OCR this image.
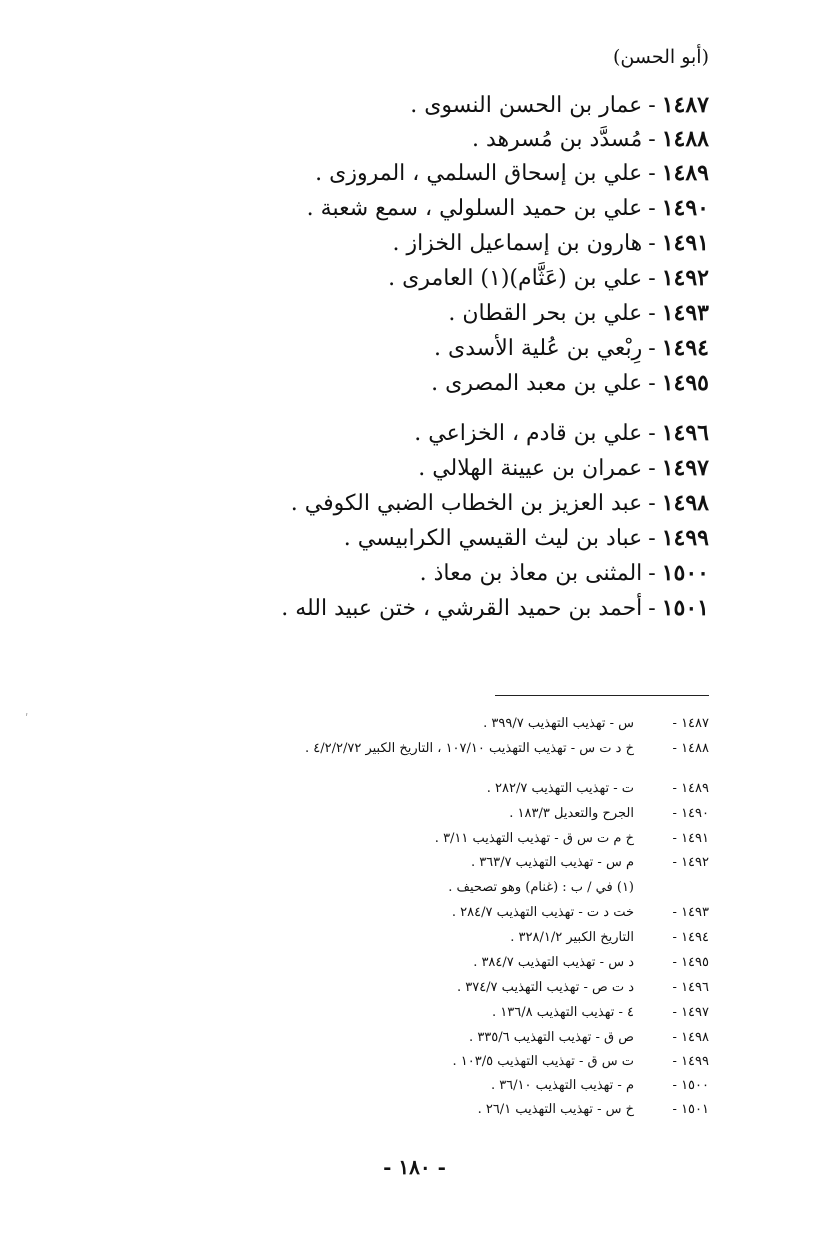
(أبو الحسن)
١٤٨٧-عمار بن الحسن النسوى .
١٤٨٨-مُسدَّد بن مُسرهد .
١٤٨٩-علي بن إسحاق السلمي ، المروزى .
١٤٩٠-علي بن حميد السلولي ، سمع شعبة .
١٤٩١-هارون بن إسماعيل الخزاز .
١٤٩٢-علي بن (عَثَّام)(١) العامرى .
١٤٩٣-علي بن بحر القطان .
١٤٩٤-رِبْعي بن عُلية الأسدى .
١٤٩٥-علي بن معبد المصرى .
١٤٩٦-علي بن قادم ، الخزاعي .
١٤٩٧-عمران بن عيينة الهلالي .
١٤٩٨-عبد العزيز بن الخطاب الضبي الكوفي .
١٤٩٩-عباد بن ليث القيسي الكرابيسي .
١٥٠٠-المثنى بن معاذ بن معاذ .
١٥٠١-أحمد بن حميد القرشي ، ختن عبيد الله .
١٤٨٧ -
س - تهذيب التهذيب ٣٩٩/٧ .
١٤٨٨ -
خ د ت س - تهذيب التهذيب ١٠٧/١٠ ، التاريخ الكبير ٤/٢/٢/٧٢ .
١٤٨٩ -
ت - تهذيب التهذيب ٢٨٢/٧ .
١٤٩٠ -
الجرح والتعديل ١٨٣/٣ .
١٤٩١ -
خ م ت س ق - تهذيب التهذيب ٣/١١ .
١٤٩٢ -
م س - تهذيب التهذيب ٣٦٣/٧ .
(١) في / ب : (غنام) وهو تصحيف .
١٤٩٣ -
خت د ت - تهذيب التهذيب ٢٨٤/٧ .
١٤٩٤ -
التاريخ الكبير ٣٢٨/١/٢ .
١٤٩٥ -
د س - تهذيب التهذيب ٣٨٤/٧ .
١٤٩٦ -
د ت ص - تهذيب التهذيب ٣٧٤/٧ .
١٤٩٧ -
٤ - تهذيب التهذيب ١٣٦/٨ .
١٤٩٨ -
ص ق - تهذيب التهذيب ٣٣٥/٦ .
١٤٩٩ -
ت س ق - تهذيب التهذيب ١٠٣/٥ .
١٥٠٠ -
م - تهذيب التهذيب ٣٦/١٠ .
١٥٠١ -
خ س - تهذيب التهذيب ٢٦/١ .
- ١٨٠ -
ʹ
